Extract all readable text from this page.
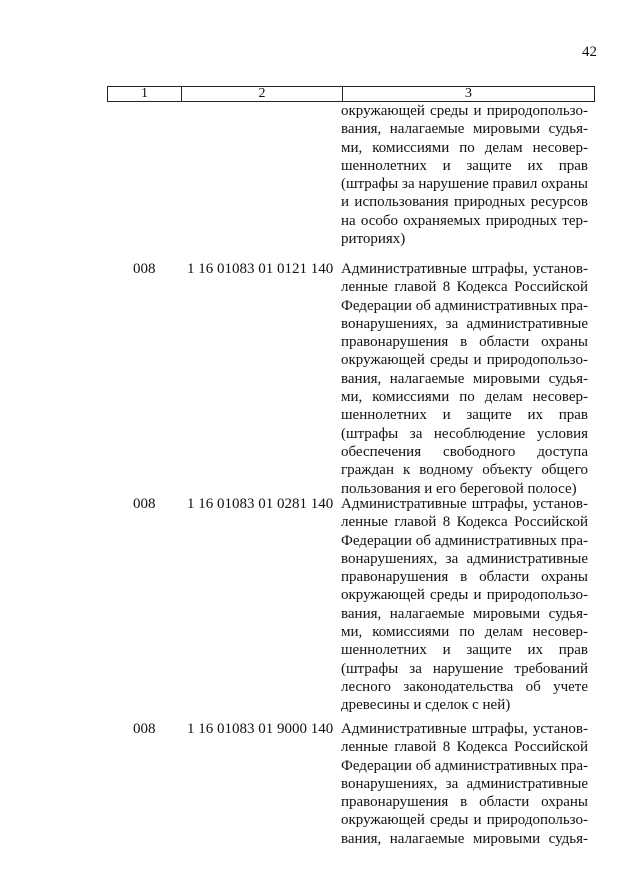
42
1	2	3
окружающей среды и природопользо-
вания, налагаемые мировыми судья-
ми, комиссиями по делам несовер-
шеннолетних и защите их прав
(штрафы за нарушение правил охраны
и использования природных ресурсов
на особо охраняемых природных тер-
риториях)
008	1 16 01083 01 0121 140 Административные штрафы, установ-
ленные главой 8 Кодекса Российской
Федерации об административных пра-
вонарушениях, за административные
правонарушения в области охраны
окружающей среды и природопользо-
вания, налагаемые мировыми судья-
ми, комиссиями по делам несовер-
шеннолетних и защите их прав
(штрафы за несоблюдение условия
обеспечения свободного доступа
граждан к водному объекту общего
пользования и его береговой полосе)
008	1 16 01083 01 0281 140 Административные штрафы, установ-
ленные главой 8 Кодекса Российской
Федерации об административных пра-
вонарушениях, за административные
правонарушения в области охраны
окружающей среды и природопользо-
вания, налагаемые мировыми судья-
ми, комиссиями по делам несовер-
шеннолетних и защите их прав
(штрафы за нарушение требований
лесного законодательства об учете
древесины и сделок с ней)
008	1 16 01083 01 9000 140 Административные штрафы, установ-
ленные главой 8 Кодекса Российской
Федерации об административных пра-
вонарушениях, за административные
правонарушения в области охраны
окружающей среды и природопользо-
вания, налагаемые мировыми судья-
